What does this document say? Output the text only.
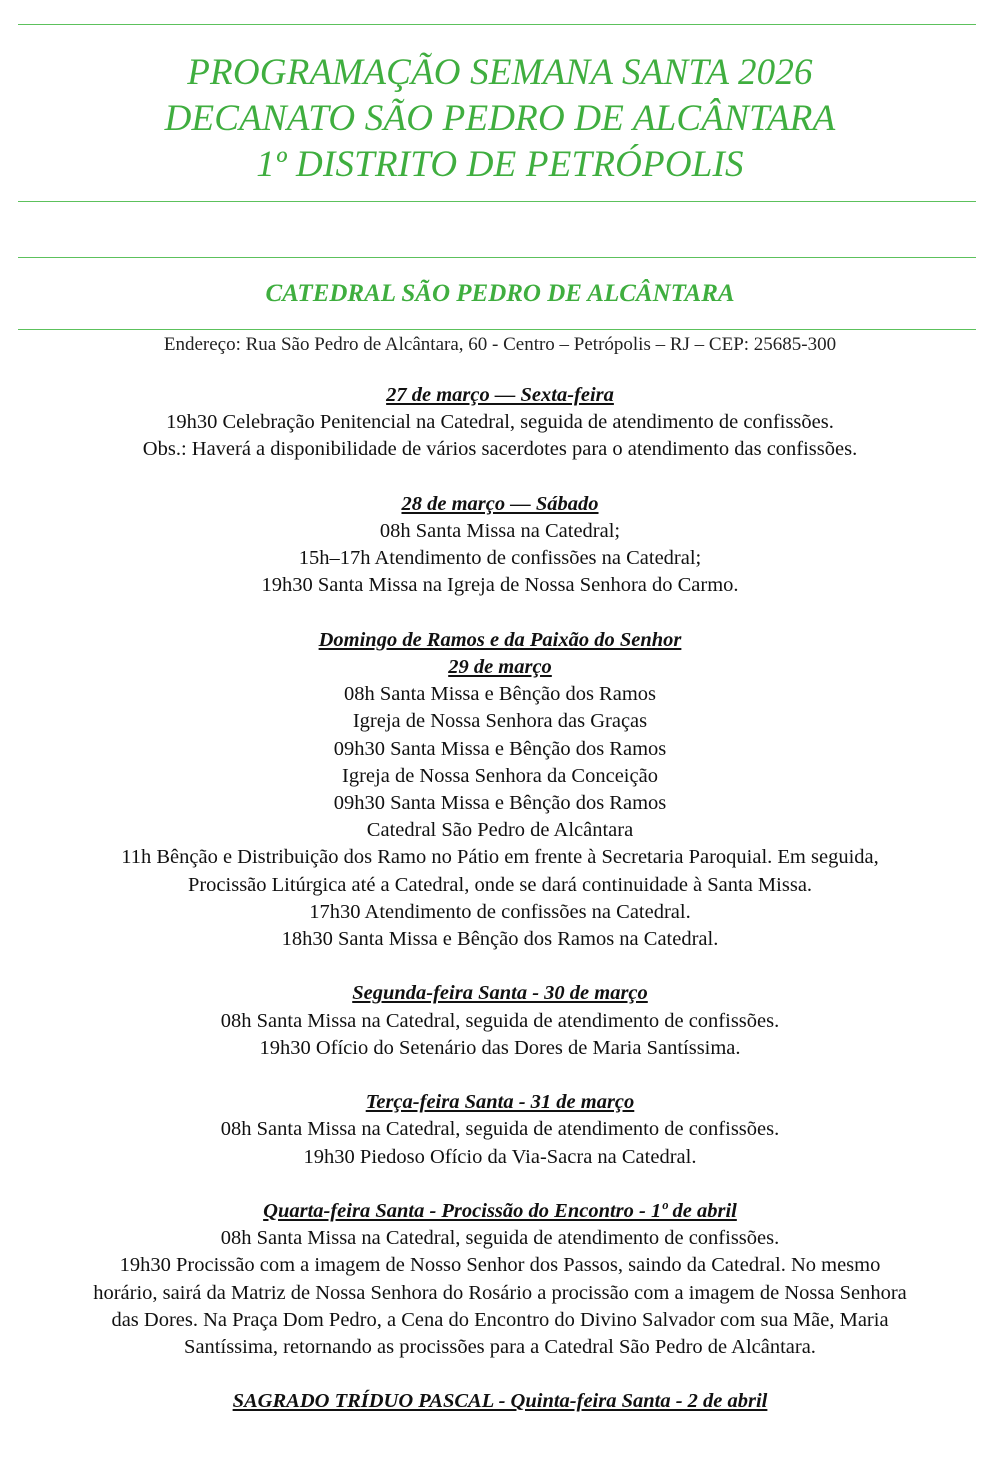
PROGRAMAÇÃO SEMANA SANTA 2026
DECANATO SÃO PEDRO DE ALCÂNTARA
1º DISTRITO DE PETRÓPOLIS
CATEDRAL SÃO PEDRO DE ALCÂNTARA
Endereço: Rua São Pedro de Alcântara, 60 - Centro – Petrópolis – RJ – CEP: 25685-300
27 de março — Sexta-feira
19h30 Celebração Penitencial na Catedral, seguida de atendimento de confissões.
Obs.: Haverá a disponibilidade de vários sacerdotes para o atendimento das confissões.
28 de março — Sábado
08h Santa Missa na Catedral;
15h–17h Atendimento de confissões na Catedral;
19h30 Santa Missa na Igreja de Nossa Senhora do Carmo.
Domingo de Ramos e da Paixão do Senhor
29 de março
08h Santa Missa e Bênção dos Ramos
Igreja de Nossa Senhora das Graças
09h30 Santa Missa e Bênção dos Ramos
Igreja de Nossa Senhora da Conceição
09h30 Santa Missa e Bênção dos Ramos
Catedral São Pedro de Alcântara
11h Bênção e Distribuição dos Ramo no Pátio em frente à Secretaria Paroquial. Em seguida,
Procissão Litúrgica até a Catedral, onde se dará continuidade à Santa Missa.
17h30 Atendimento de confissões na Catedral.
18h30 Santa Missa e Bênção dos Ramos na Catedral.
Segunda-feira Santa - 30 de março
08h Santa Missa na Catedral, seguida de atendimento de confissões.
19h30 Ofício do Setenário das Dores de Maria Santíssima.
Terça-feira Santa - 31 de março
08h Santa Missa na Catedral, seguida de atendimento de confissões.
19h30 Piedoso Ofício da Via-Sacra na Catedral.
Quarta-feira Santa - Procissão do Encontro - 1º de abril
08h Santa Missa na Catedral, seguida de atendimento de confissões.
19h30 Procissão com a imagem de Nosso Senhor dos Passos, saindo da Catedral. No mesmo
horário, sairá da Matriz de Nossa Senhora do Rosário a procissão com a imagem de Nossa Senhora
das Dores. Na Praça Dom Pedro, a Cena do Encontro do Divino Salvador com sua Mãe, Maria
Santíssima, retornando as procissões para a Catedral São Pedro de Alcântara.
SAGRADO TRÍDUO PASCAL - Quinta-feira Santa - 2 de abril
